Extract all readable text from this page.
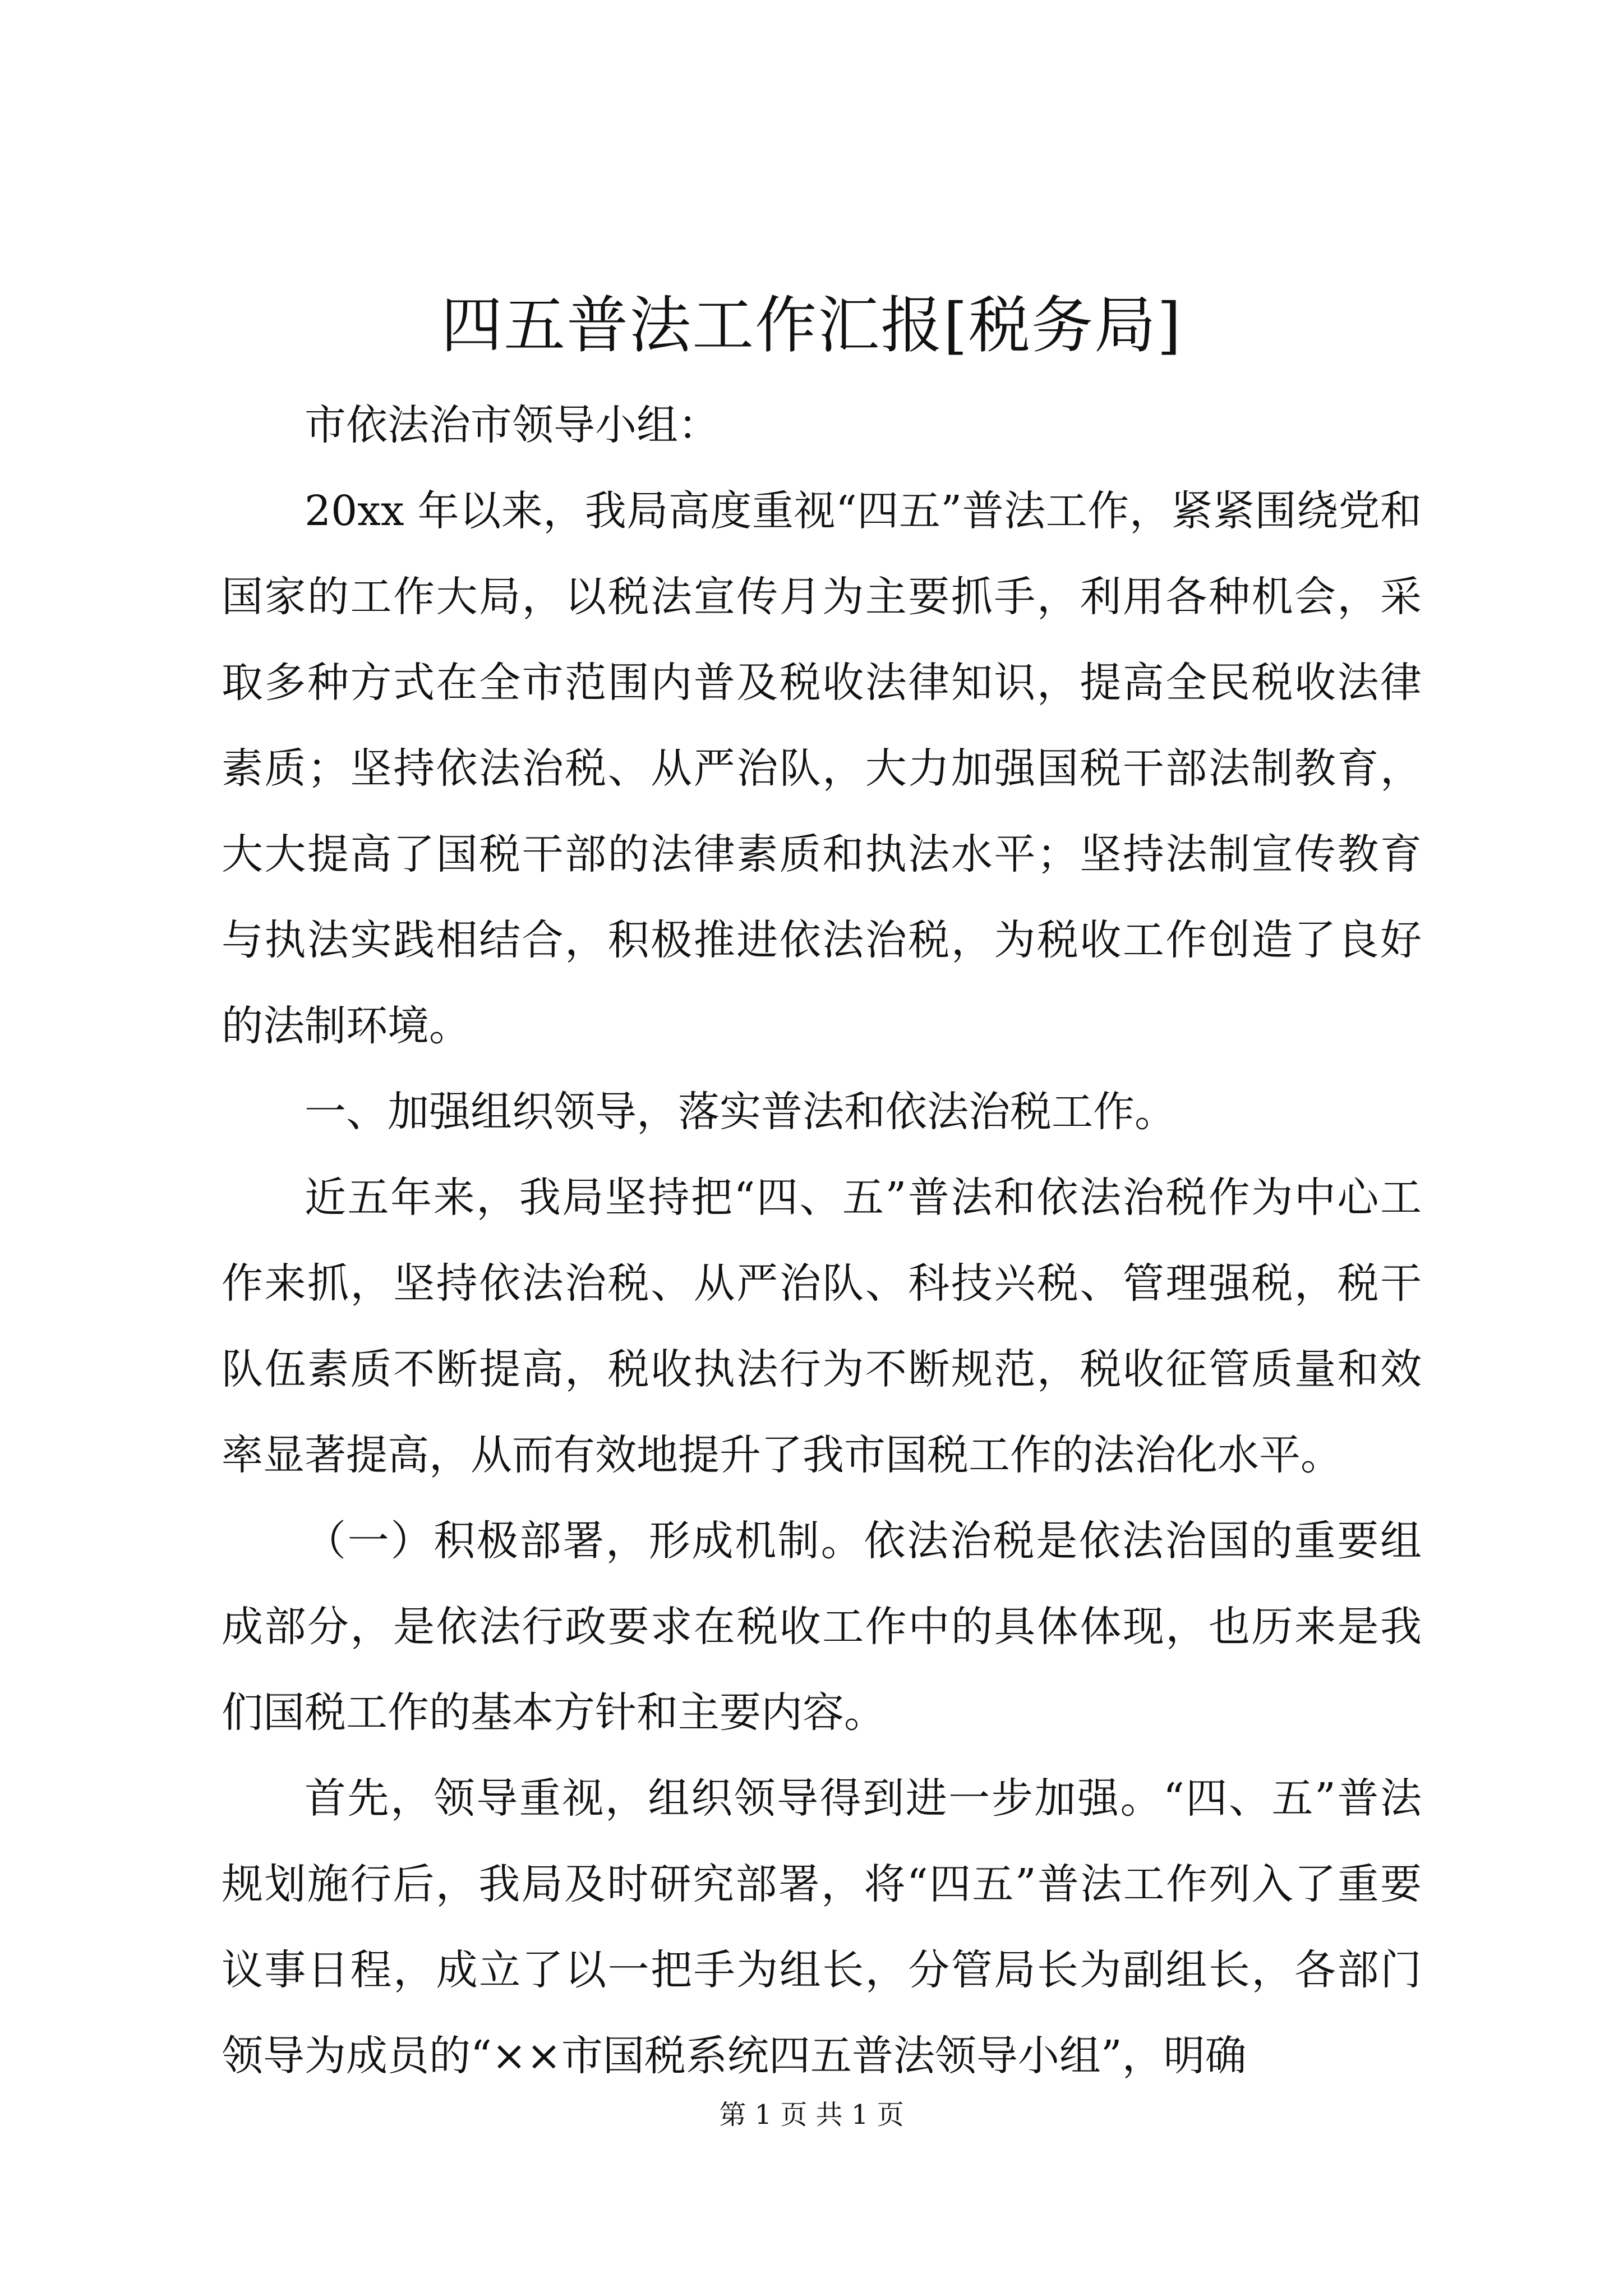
四五普法工作汇报[税务局]

市依法治市领导小组：

20xx 年以来，我局高度重视“四五”普法工作，紧紧围绕党和国家的工作大局，以税法宣传月为主要抓手，利用各种机会，采取多种方式在全市范围内普及税收法律知识，提高全民税收法律素质；坚持依法治税、从严治队，大力加强国税干部法制教育，大大提高了国税干部的法律素质和执法水平；坚持法制宣传教育与执法实践相结合，积极推进依法治税，为税收工作创造了良好的法制环境。

一、加强组织领导，落实普法和依法治税工作。

近五年来，我局坚持把“四、五”普法和依法治税作为中心工作来抓，坚持依法治税、从严治队、科技兴税、管理强税，税干队伍素质不断提高，税收执法行为不断规范，税收征管质量和效率显著提高，从而有效地提升了我市国税工作的法治化水平。

（一）积极部署，形成机制。依法治税是依法治国的重要组成部分，是依法行政要求在税收工作中的具体体现，也历来是我们国税工作的基本方针和主要内容。

首先，领导重视，组织领导得到进一步加强。“四、五”普法规划施行后，我局及时研究部署，将“四五”普法工作列入了重要议事日程，成立了以一把手为组长，分管局长为副组长，各部门领导为成员的“××市国税系统四五普法领导小组”，明确

第 1 页 共 1 页
